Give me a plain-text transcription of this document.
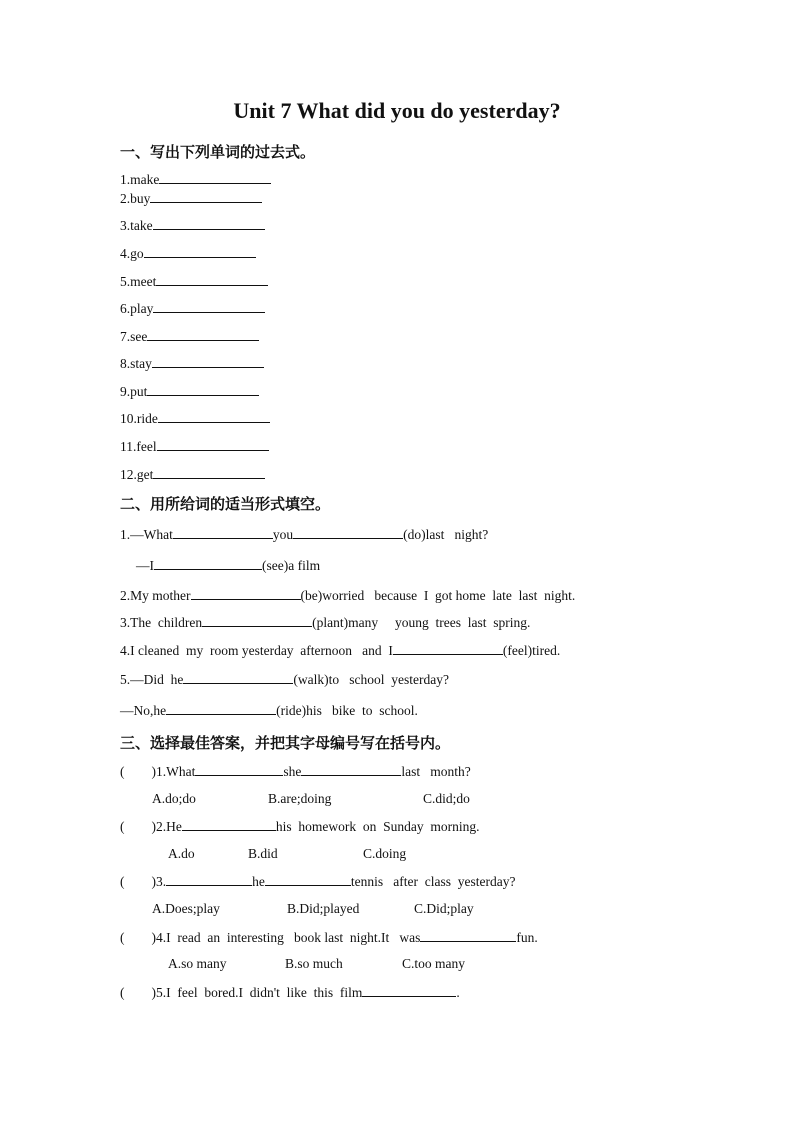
Unit 7 What did you do yesterday?
一、写出下列单词的过去式。
1.make
2.buy
3.take
4.go
5.meet
6.play
7.see
8.stay
9.put
10.ride
11.feel
12.get
二、用所给词的适当形式填空。
1.—What	you	(do)last   night?
—I	(see)a film
2.My mother	(be)worried   because  I  got home  late  last  night.
3.The  children	(plant)many     young  trees  last  spring.
4.I cleaned  my  room yesterday  afternoon   and  I	(feel)tired.
5.—Did  he	(walk)to   school  yesterday?
—No,he	(ride)his   bike  to  school.
三、选择最佳答案，并把其字母编号写在括号内。
(        )1.What	she	last   month?
A.do;do	B.are;doing	C.did;do
(        )2.He	his  homework  on  Sunday  morning.
A.do	B.did	C.doing
(        )3.	he	tennis   after  class  yesterday?
A.Does;play	B.Did;played	C.Did;play
(        )4.I  read  an  interesting   book last  night.It   was	fun.
A.so many	B.so much	C.too many
(        )5.I  feel  bored.I  didn't  like  this  film	.
